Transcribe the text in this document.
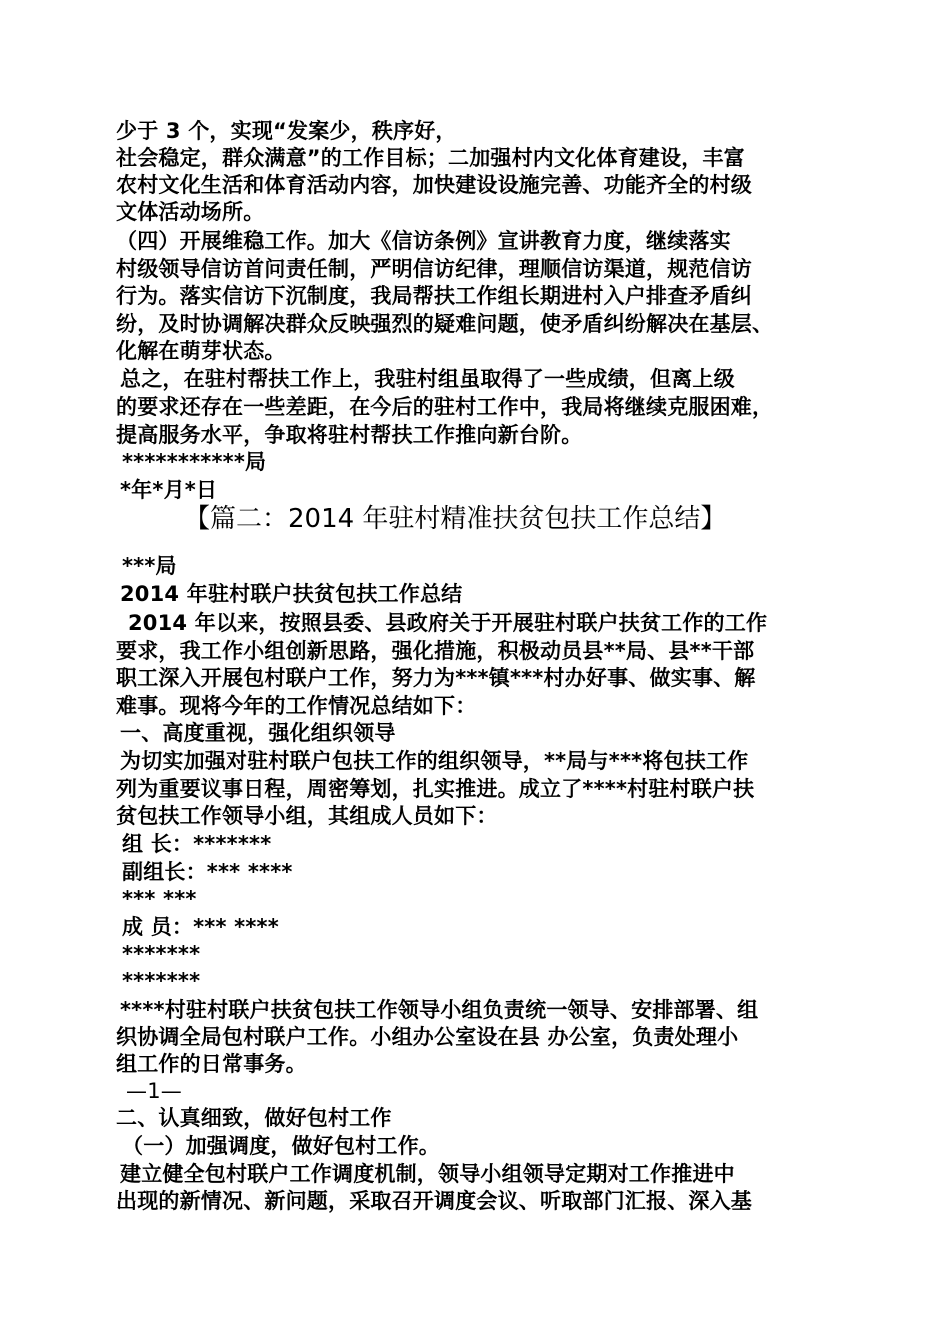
少于 3 个，实现“发案少，秩序好，
社会稳定，群众满意”的工作目标；二加强村内文化体育建设，丰富
农村文化生活和体育活动内容，加快建设设施完善、功能齐全的村级
文体活动场所。
（四）开展维稳工作。加大《信访条例》宣讲教育力度，继续落实
村级领导信访首问责任制，严明信访纪律，理顺信访渠道，规范信访
行为。落实信访下沉制度，我局帮扶工作组长期进村入户排查矛盾纠
纷，及时协调解决群众反映强烈的疑难问题，使矛盾纠纷解决在基层、
化解在萌芽状态。
总之，在驻村帮扶工作上，我驻村组虽取得了一些成绩，但离上级
的要求还存在一些差距，在今后的驻村工作中，我局将继续克服困难，
提高服务水平，争取将驻村帮扶工作推向新台阶。
***********局
*年*月*日
【篇二：2014 年驻村精准扶贫包扶工作总结】
***局
2014 年驻村联户扶贫包扶工作总结
2014 年以来，按照县委、县政府关于开展驻村联户扶贫工作的工作
要求，我工作小组创新思路，强化措施，积极动员县**局、县**干部
职工深入开展包村联户工作，努力为***镇***村办好事、做实事、解
难事。现将今年的工作情况总结如下：
一、高度重视，强化组织领导
为切实加强对驻村联户包扶工作的组织领导，**局与***将包扶工作
列为重要议事日程，周密筹划，扎实推进。成立了****村驻村联户扶
贫包扶工作领导小组，其组成人员如下：
组 长：*******
副组长：*** ****
*** ***
成 员：*** ****
*******
*******
****村驻村联户扶贫包扶工作领导小组负责统一领导、安排部署、组
织协调全局包村联户工作。小组办公室设在县 办公室，负责处理小
组工作的日常事务。
—1—
二、认真细致，做好包村工作
（一）加强调度，做好包村工作。
建立健全包村联户工作调度机制，领导小组领导定期对工作推进中
出现的新情况、新问题，采取召开调度会议、听取部门汇报、深入基
